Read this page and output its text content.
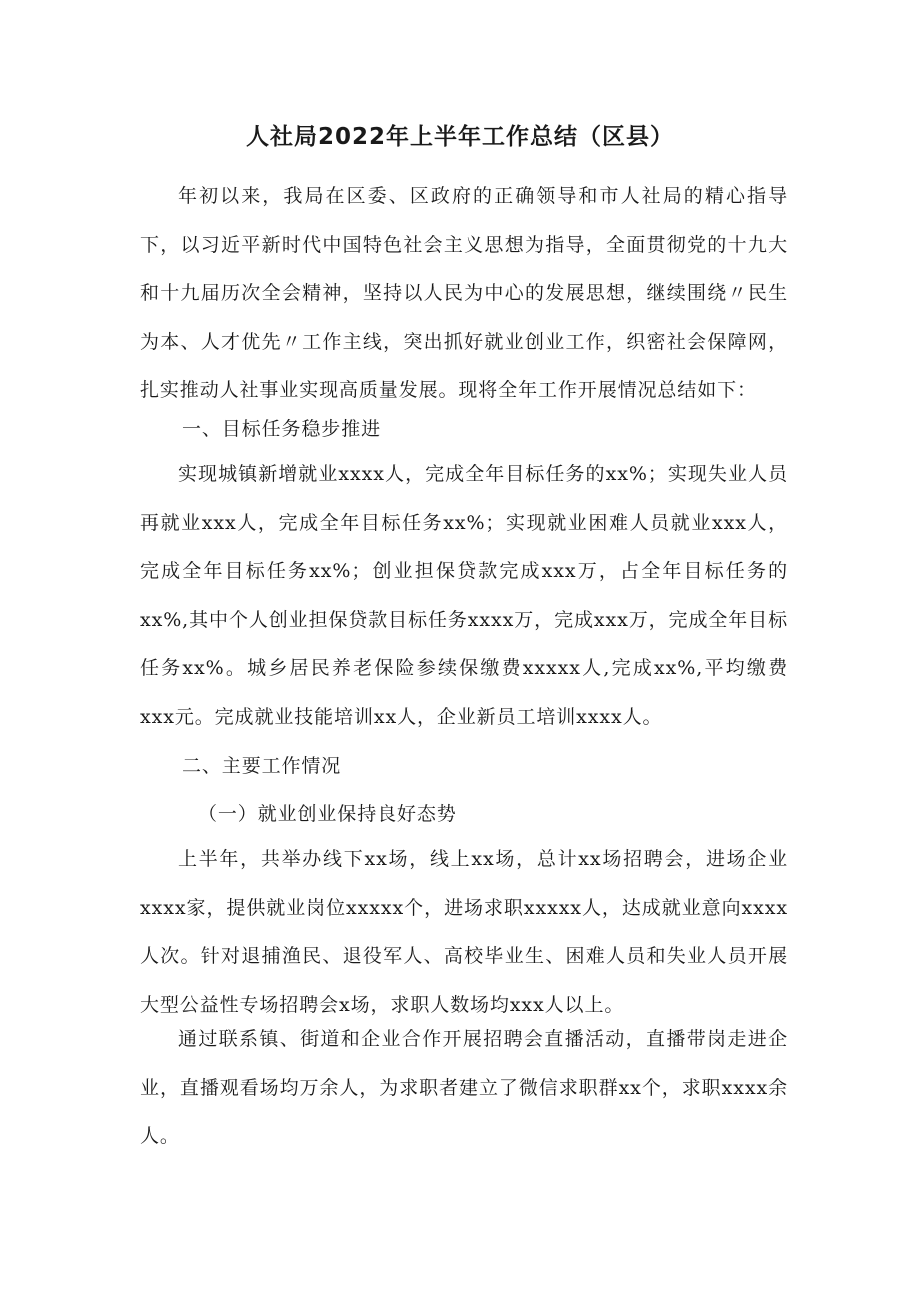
人社局2022年上半年工作总结（区县）
年初以来，我局在区委、区政府的正确领导和市人社局的精心指导下，以习近平新时代中国特色社会主义思想为指导，全面贯彻党的十九大和十九届历次全会精神，坚持以人民为中心的发展思想，继续围绕〃民生为本、人才优先〃工作主线，突出抓好就业创业工作，织密社会保障网，扎实推动人社事业实现高质量发展。现将全年工作开展情况总结如下：
一、目标任务稳步推进
实现城镇新增就业xxxx人，完成全年目标任务的xx%；实现失业人员再就业xxx人，完成全年目标任务xx%；实现就业困难人员就业xxx人，完成全年目标任务xx%；创业担保贷款完成xxx万，占全年目标任务的xx%,其中个人创业担保贷款目标任务xxxx万，完成xxx万，完成全年目标任务xx%。城乡居民养老保险参续保缴费xxxxx人,完成xx%,平均缴费xxx元。完成就业技能培训xx人，企业新员工培训xxxx人。
二、主要工作情况
（一）就业创业保持良好态势
上半年，共举办线下xx场，线上xx场，总计xx场招聘会，进场企业xxxx家，提供就业岗位xxxxx个，进场求职xxxxx人，达成就业意向xxxx人次。针对退捕渔民、退役军人、高校毕业生、困难人员和失业人员开展大型公益性专场招聘会x场，求职人数场均xxx人以上。
通过联系镇、街道和企业合作开展招聘会直播活动，直播带岗走进企业，直播观看场均万余人，为求职者建立了微信求职群xx个，求职xxxx余人。
